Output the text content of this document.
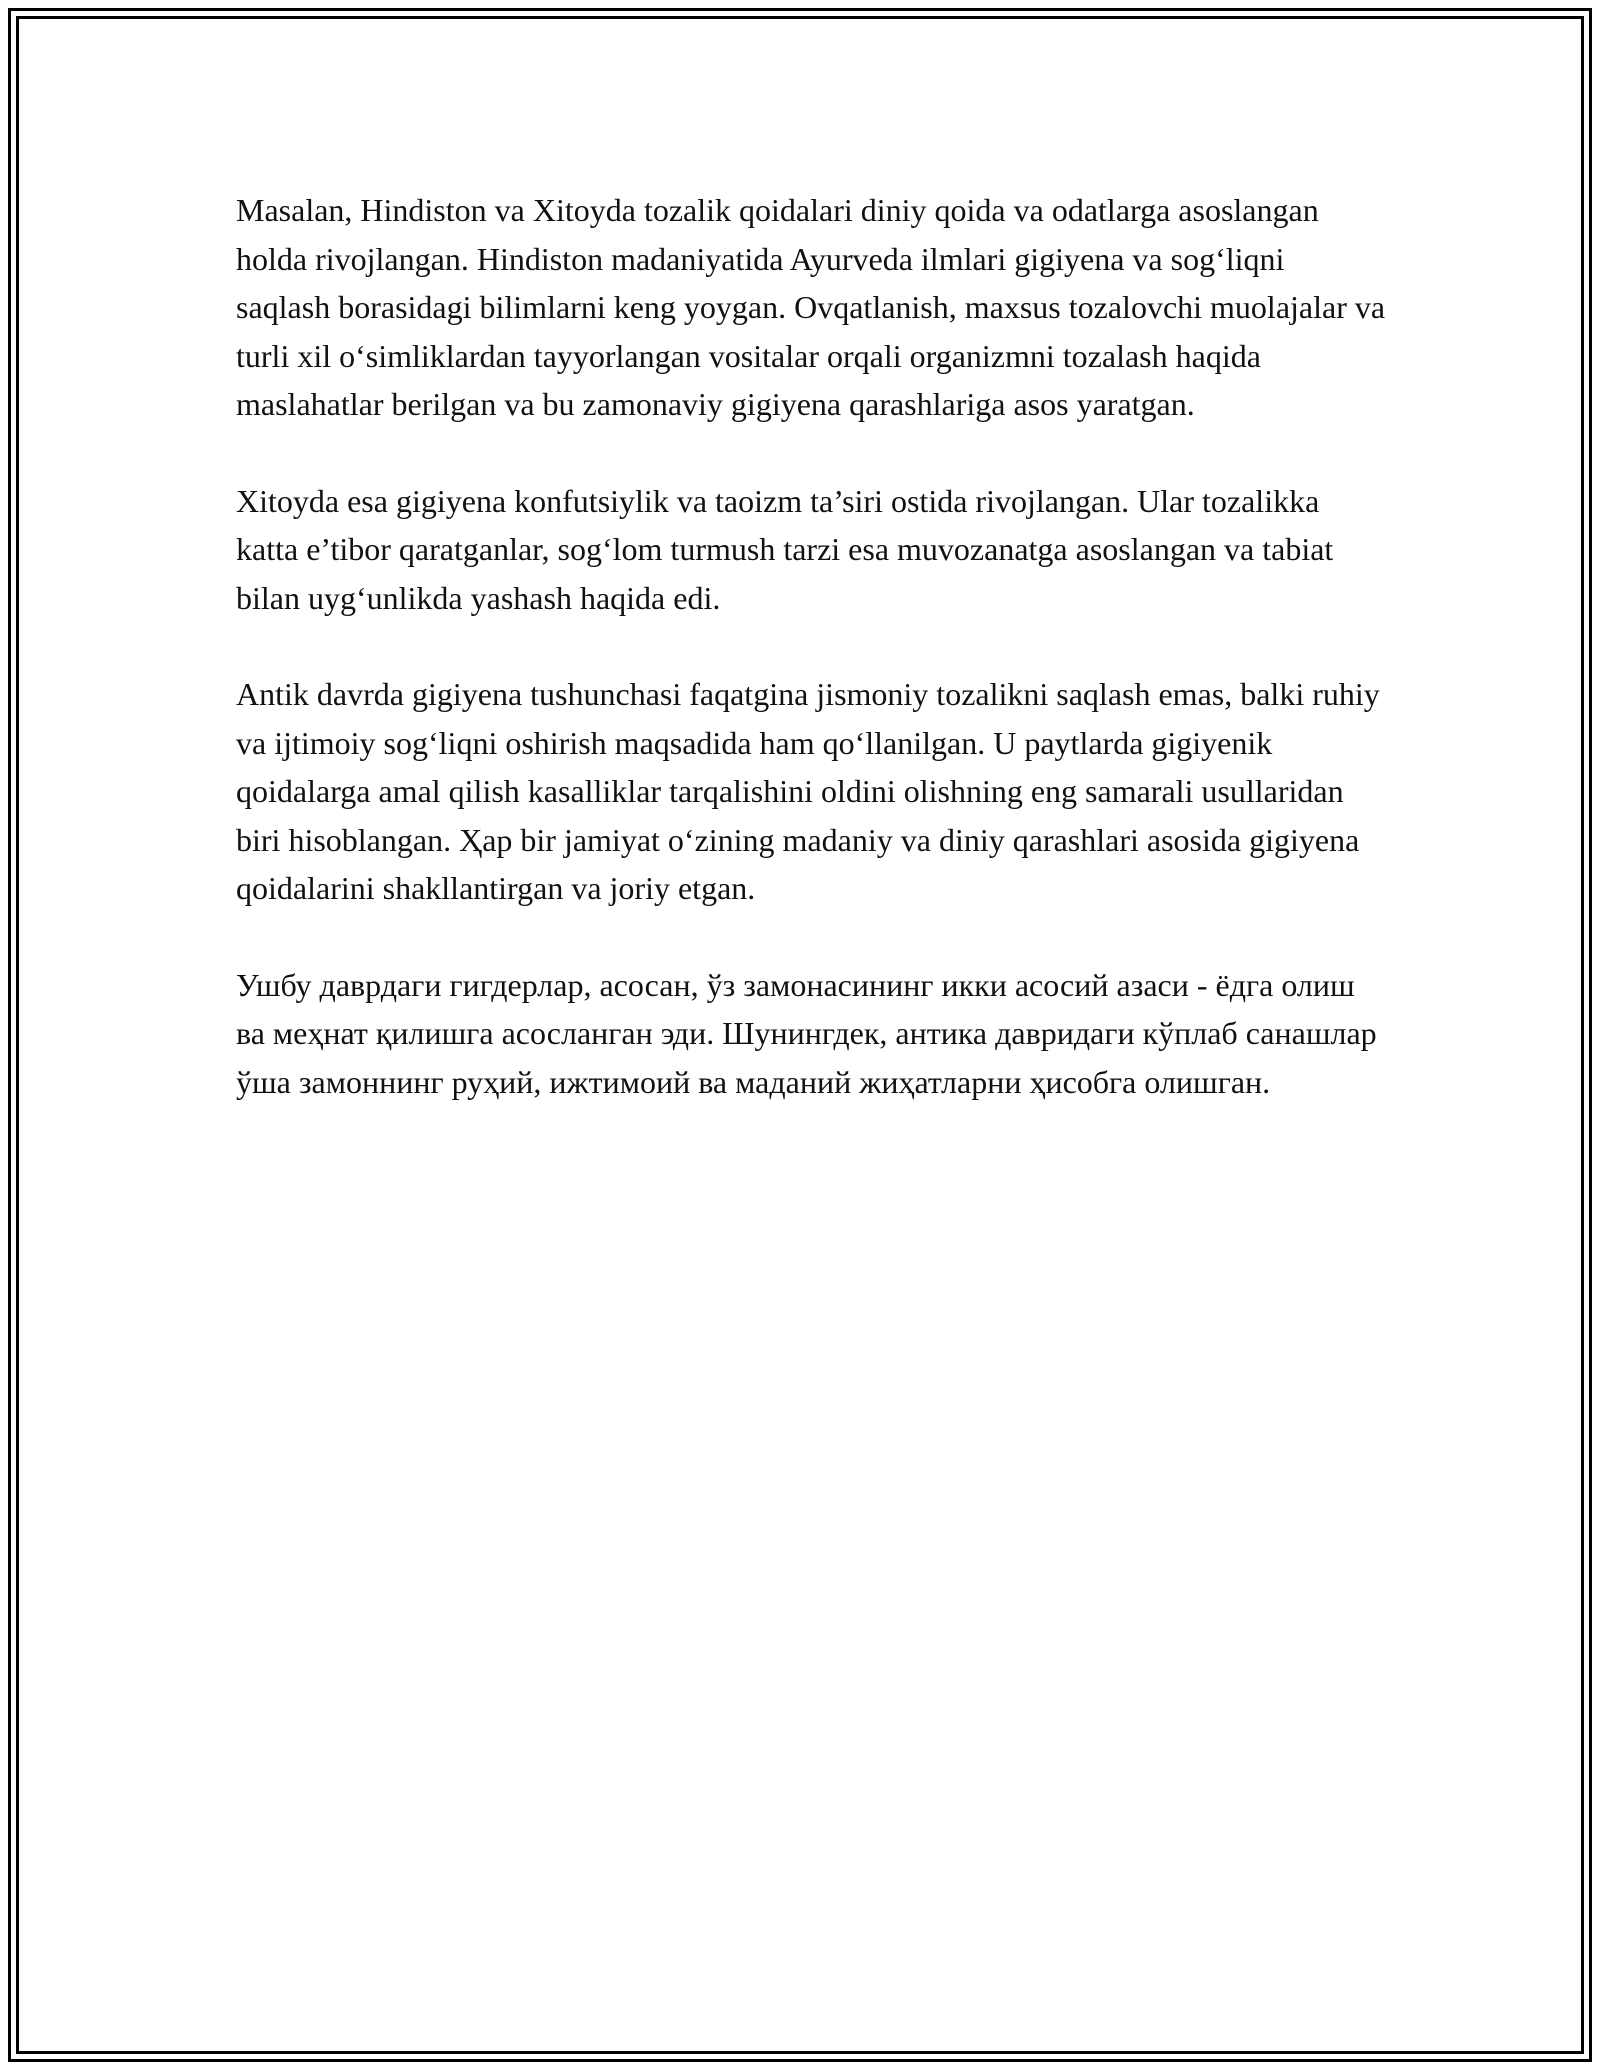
Masalan, Hindiston va Xitoyda tozalik qoidalari diniy qoida va odatlarga asoslangan holda rivojlangan. Hindiston madaniyatida Ayurveda ilmlari gigiyena va sog‘liqni saqlash borasidagi bilimlarni keng yoygan. Ovqatlanish, maxsus tozalovchi muolajalar va turli xil o‘simliklardan tayyorlangan vositalar orqali organizmni tozalash haqida maslahatlar berilgan va bu zamonaviy gigiyena qarashlariga asos yaratgan.

Xitoyda esa gigiyena konfutsiylik va taoizm ta’siri ostida rivojlangan. Ular tozalikka katta e’tibor qaratganlar, sog‘lom turmush tarzi esa muvozanatga asoslangan va tabiat bilan uyg‘unlikda yashash haqida edi.

Antik davrda gigiyena tushunchasi faqatgina jismoniy tozalikni saqlash emas, balki ruhiy va ijtimoiy sog‘liqni oshirish maqsadida ham qo‘llanilgan. U paytlarda gigiyenik qoidalarga amal qilish kasalliklar tarqalishini oldini olishning eng samarali usullaridan biri hisoblangan. Ҳap bir jamiyat o‘zining madaniy va diniy qarashlari asosida gigiyena qoidalarini shakllantirgan va joriy etgan.

Ушбу даврдаги гигдерлар, асосан, ўз замонасининг икки асосий азаси - ёдга олиш ва меҳнат қилишга асосланган эди. Шунингдек, антика давридаги кўплаб санашлар ўша замоннинг руҳий, ижтимоий ва маданий жиҳатларни ҳисобга олишган.
